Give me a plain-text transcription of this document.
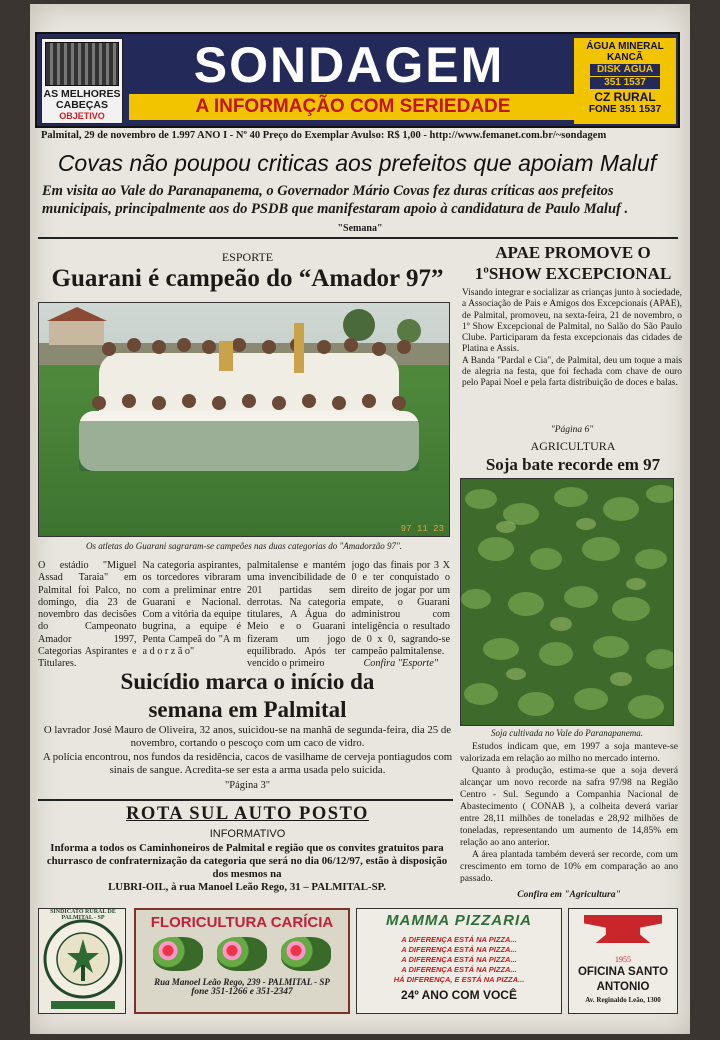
AS MELHORES
CABEÇAS
OBJETIVO
SONDAGEM
A INFORMAÇÃO COM SERIEDADE
ÁGUA MINERAL
KANCÃ
DISK ÁGUA
351 1537
CZ RURAL
FONE 351 1537
Palmital, 29 de novembro de 1.997 ANO I - Nº 40 Preço do Exemplar Avulso: R$ 1,00 - http://www.femanet.com.br/~sondagem
Covas não poupou criticas aos prefeitos que apoiam Maluf
Em visita ao Vale do Paranapanema, o Governador Mário Covas fez duras críticas aos prefeitos municipais, principalmente aos do PSDB que manifestaram apoio à candidatura de Paulo Maluf .
"Semana"
ESPORTE
Guarani é campeão do “Amador 97”
97 11 23
Os atletas do Guarani sagraram-se campeões nas duas categorias do "Amadorzão 97".
O estádio "Miguel Assad Taraia" em Palmital foi Palco, no domingo, dia 23 de novembro das decisões do Campeonato Amador 1997, Categorias Aspirantes e Titulares.
Na categoria aspirantes, os torcedores vibraram com a preliminar entre Guarani e Nacional. Com a vitória da equipe bugrina, a equipe é Penta Campeã do "A m a d o r z ã o"
palmitalense e mantém uma invencibilidade de 201 partidas sem derrotas. Na categoria titulares, A Água do Meio e o Guarani fizeram um jogo equilibrado. Após ter vencido o primeiro
jogo das finais por 3 X 0 e ter conquistado o direito de jogar por um empate, o Guarani administrou com inteligência o resultado de 0 x 0, sagrando-se campeão palmitalense.
Confira "Esporte"
APAE PROMOVE O
1ºSHOW EXCEPCIONAL
Visando integrar e socializar as crianças junto à sociedade, a Associação de Pais e Amigos dos Excepcionais (APAE), de Palmital, promoveu, na sexta-feira, 21 de novembro, o 1º Show Excepcional de Palmital, no Salão do São Paulo Clube. Participaram da festa excepcionais das cidades de Platina e Assis.
A Banda "Pardal e Cia", de Palmital, deu um toque a mais de alegria na festa, que foi fechada com chave de ouro pelo Papai Noel e pela farta distribuição de doces e balas.
"Página 6"
AGRICULTURA
Soja bate recorde em 97
Soja cultivada no Vale do Paranapanema.

Estudos indicam que, em 1997 a soja manteve-se valorizada em relação ao milho no mercado interno.

Quanto à produção, estima-se que a soja deverá alcançar um novo recorde na safra 97/98 na Região Centro - Sul. Segundo a Companhia Nacional de Abastecimento ( CONAB ), a colheita deverá variar entre 28,11 milhões de toneladas e 28,92 milhões de toneladas, representando um aumento de 14,85% em relação ao ano anterior.

A área plantada também deverá ser recorde, com um crescimento em torno de 10% em comparação ao ano passado.

Confira em "Agricultura"
Suicídio marca o início da
semana em Palmital
O lavrador José Mauro de Oliveira, 32 anos, suicidou-se na manhã de segunda-feira, dia 25 de novembro, cortando o pescoço com um caco de vidro.
A polícia encontrou, nos fundos da residência, cacos de vasilhame de cerveja pontiagudos com sinais de sangue. Acredita-se ser esta a arma usada pelo suicida.
"Página 3"
ROTA SUL AUTO POSTO
INFORMATIVO
Informa a todos os Caminhoneiros de Palmital e região que os convites gratuitos para churrasco de confraternização da categoria que será no dia 06/12/97, estão à disposição dos mesmos na
LUBRI-OIL, à rua Manoel Leão Rego, 31 – PALMITAL-SP.
SINDICATO RURAL DE PALMITAL - SP	FLORICULTURA CARÍCIA
Rua Manoel Leão Rego, 239 - PALMITAL - SP
fone 351-1266 e 351-2347
MAMMA PIZZARIA
A DIFERENÇA ESTÁ NA PIZZA...
A DIFERENÇA ESTÁ NA PIZZA...
A DIFERENÇA ESTÁ NA PIZZA...
A DIFERENÇA ESTÁ NA PIZZA...
HÁ DIFERENÇA, E ESTÁ NA PIZZA...
24º ANO COM VOCÊ
1955
OFICINA SANTO
ANTONIO
Av. Reginaldo Leão, 1300
